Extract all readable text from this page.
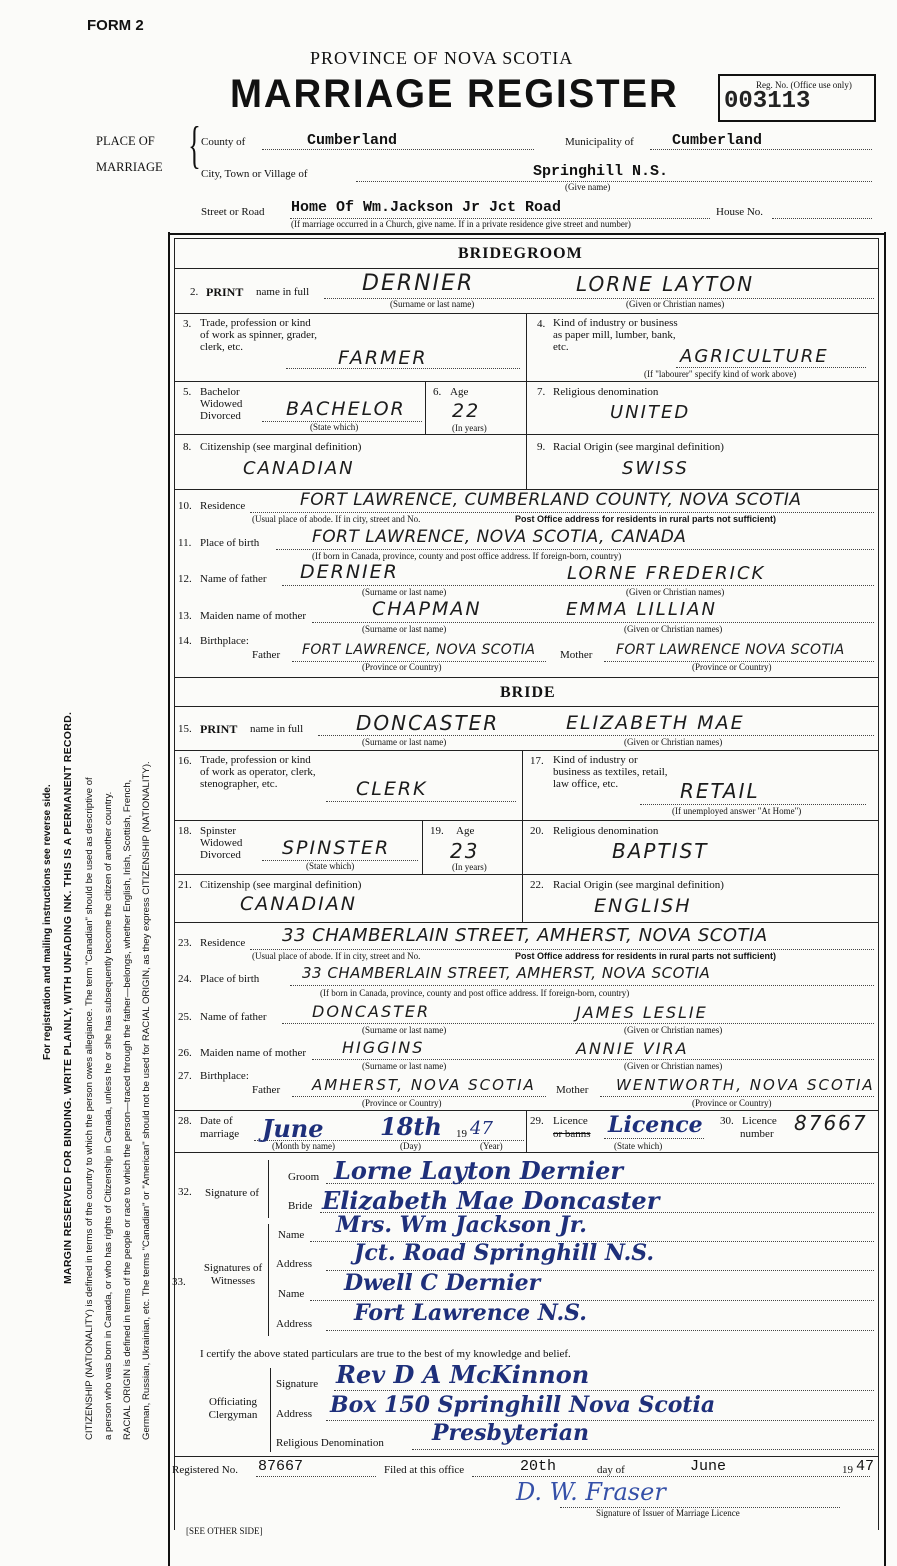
FORM 2
PROVINCE OF NOVA SCOTIA
MARRIAGE REGISTER	Reg. No. (Office use only)
003113
For registration and mailing instructions see reverse side. MARGIN RESERVED FOR BINDING. WRITE PLAINLY, WITH UNFADING INK. THIS IS A PERMANENT RECORD. CITIZENSHIP (NATIONALITY) is defined in terms of the country to which the person owes allegiance. The term "Canadian" should be used as descriptive of a person who was born in Canada, or who has rights of Citizenship in Canada, unless he or she has subsequently become the citizen of another country. RACIAL ORIGIN is defined in terms of the people or race to which the person—traced through the father—belongs, whether English, Irish, Scottish, French, German, Russian, Ukrainian, etc. The terms "Canadian" or "American" should not be used for RACIAL ORIGIN, as they express CITIZENSHIP (NATIONALITY).
PLACE OF
MARRIAGE { County of	Cumberland	Municipality of	Cumberland
City, Town or Village of	Springhill N.S.
(Give name)
Street or Road Home Of Wm.Jackson Jr Jct Road	House No.
(If marriage occurred in a Church, give name. If in a private residence give street and number)
BRIDEGROOM
2. PRINT name in full DERNIER	LORNE LAYTON
(Surname or last name)	(Given or Christian names)
3. Trade, profession or kind of work as spinner, grader, clerk, etc.	FARMER
4. Kind of industry or business as paper mill, lumber, bank, etc.	AGRICULTURE
(If "labourer" specify kind of work above)
5. Bachelor Widowed Divorced	BACHELOR
(State which)
6. Age
22
(In years)
7. Religious denomination
UNITED
8. Citizenship (see marginal definition)
CANADIAN
9. Racial Origin (see marginal definition)
SWISS
10. Residence	FORT LAWRENCE, CUMBERLAND COUNTY, NOVA SCOTIA
(Usual place of abode. If in city, street and No.	Post Office address for residents in rural parts not sufficient)
11. Place of birth	FORT LAWRENCE, NOVA SCOTIA, CANADA
(If born in Canada, province, county and post office address. If foreign-born, country)
12. Name of father DERNIER	LORNE FREDERICK
(Surname or last name)	(Given or Christian names)
13. Maiden name of mother	CHAPMAN	EMMA LILLIAN
(Surname or last name)	(Given or Christian names)
14. Birthplace:
Father FORT LAWRENCE, NOVA SCOTIA Mother FORT LAWRENCE NOVA SCOTIA
(Province or Country)	(Province or Country)
BRIDE
15. PRINT name in full	DONCASTER	ELIZABETH MAE
(Surname or last name)	(Given or Christian names)
16. Trade, profession or kind of work as operator, clerk, stenographer, etc.	CLERK
17. Kind of industry or business as textiles, retail, law office, etc.	RETAIL
(If unemployed answer "At Home")
18. Spinster Widowed Divorced	SPINSTER
(State which)
19. Age
23
(In years)
20. Religious denomination
BAPTIST
21. Citizenship (see marginal definition)
CANADIAN
22. Racial Origin (see marginal definition)
ENGLISH
23. Residence 33 CHAMBERLAIN STREET, AMHERST, NOVA SCOTIA
(Usual place of abode. If in city, street and No.	Post Office address for residents in rural parts not sufficient)
24. Place of birth	33 CHAMBERLAIN STREET, AMHERST, NOVA SCOTIA
(If born in Canada, province, county and post office address. If foreign-born, country)
25. Name of father	DONCASTER	JAMES LESLIE
(Surname or last name)	(Given or Christian names)
26. Maiden name of mother HIGGINS	ANNIE VIRA
(Surname or last name)	(Given or Christian names)
27. Birthplace:
Father AMHERST, NOVA SCOTIA Mother WENTWORTH, NOVA SCOTIA
(Province or Country)	(Province or Country)
28. Date of
marriage June 18th 19 47
(Month by name)	(Day)	(Year)
29. Licence
or banns Licence
(State which)
30. Licence
number 87667
32. Signature of
Groom Lorne Layton Dernier
Bride Elizabeth Mae Doncaster
33.
Signatures of Witnesses
Name Mrs. Wm Jackson Jr.
Address Jct. Road Springhill N.S.
Name Dwell C Dernier
Address Fort Lawrence N.S.
I certify the above stated particulars are true to the best of my knowledge and belief.
Officiating Clergyman
Signature Rev D A McKinnon
Address Box 150 Springhill Nova Scotia
Religious Denomination Presbyterian
Registered No. 87667	Filed at this office	20th	day of	June	19 47
D. W. Fraser
Signature of Issuer of Marriage Licence
[SEE OTHER SIDE]
